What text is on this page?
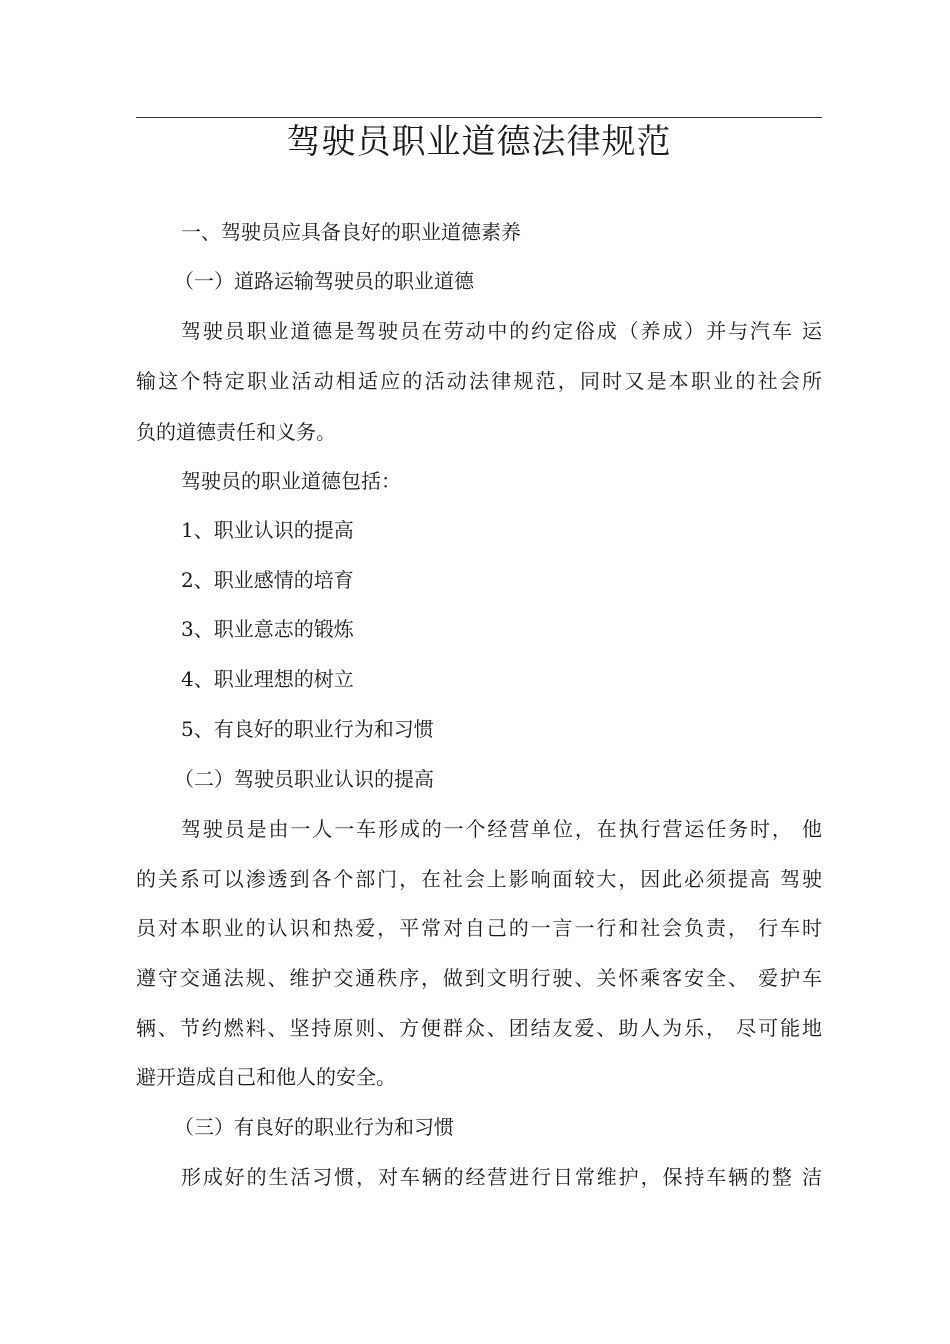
驾驶员职业道德法律规范
一、驾驶员应具备良好的职业道德素养
（一）道路运输驾驶员的职业道德
驾驶员职业道德是驾驶员在劳动中的约定俗成（养成）并与汽车 运
输这个特定职业活动相适应的活动法律规范，同时又是本职业的社会所
负的道德责任和义务。
驾驶员的职业道德包括：
1、职业认识的提高
2、职业感情的培育
3、职业意志的锻炼
4、职业理想的树立
5、有良好的职业行为和习惯
（二）驾驶员职业认识的提高
驾驶员是由一人一车形成的一个经营单位，在执行营运任务时， 他
的关系可以渗透到各个部门，在社会上影响面较大，因此必须提高 驾驶
员对本职业的认识和热爱，平常对自己的一言一行和社会负责， 行车时
遵守交通法规、维护交通秩序，做到文明行驶、关怀乘客安全、 爱护车
辆、节约燃料、坚持原则、方便群众、团结友爱、助人为乐， 尽可能地
避开造成自己和他人的安全。
（三）有良好的职业行为和习惯
形成好的生活习惯，对车辆的经营进行日常维护，保持车辆的整 洁
